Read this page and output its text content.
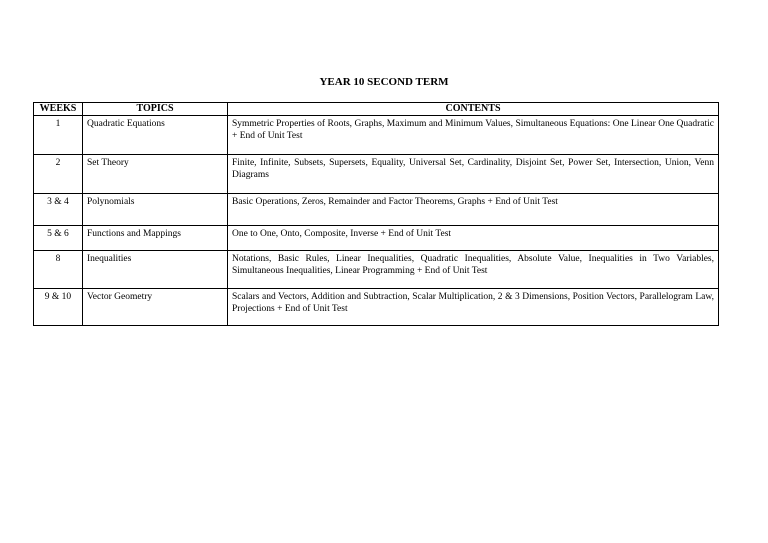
YEAR 10 SECOND TERM
WEEKS	TOPICS	CONTENTS

1	Quadratic Equations	Symmetric Properties of Roots, Graphs, Maximum and Minimum Values, Simultaneous Equations: One Linear One Quadratic + End of Unit Test

2	Set Theory	Finite, Infinite, Subsets, Supersets, Equality, Universal Set, Cardinality, Disjoint Set, Power Set, Intersection, Union, Venn Diagrams

3 & 4	Polynomials	Basic Operations, Zeros, Remainder and Factor Theorems, Graphs + End of Unit Test

5 & 6	Functions and Mappings	One to One, Onto, Composite, Inverse + End of Unit Test

8	Inequalities	Notations, Basic Rules, Linear Inequalities, Quadratic Inequalities, Absolute Value, Inequalities in Two Variables, Simultaneous Inequalities, Linear Programming + End of Unit Test

9 & 10	Vector Geometry	Scalars and Vectors, Addition and Subtraction, Scalar Multiplication, 2 & 3 Dimensions, Position Vectors, Parallelogram Law, Projections + End of Unit Test
